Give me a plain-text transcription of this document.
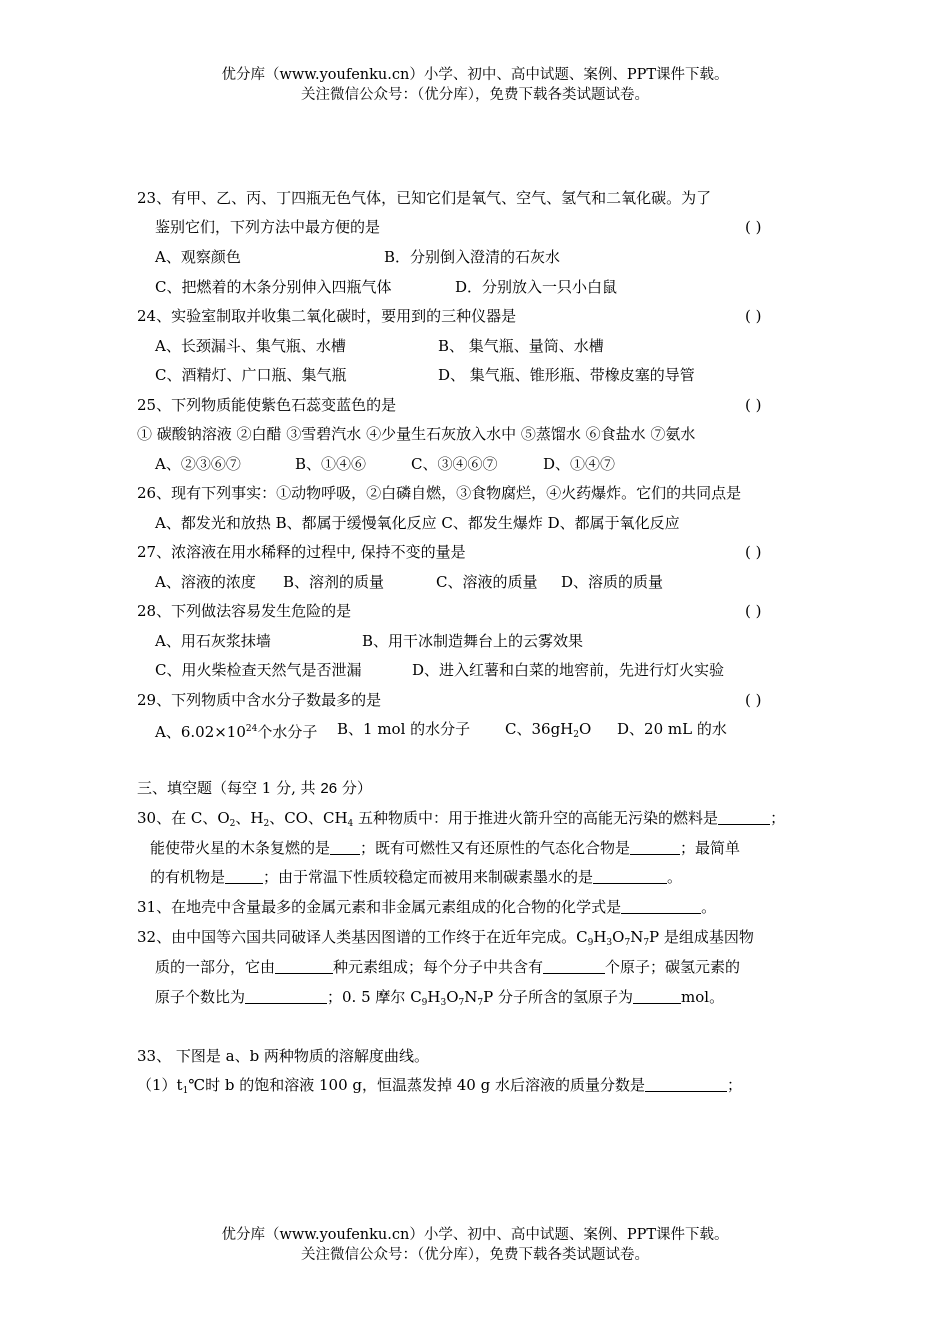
优分库（www.youfenku.cn）小学、初中、高中试题、案例、PPT课件下载。
关注微信公众号：（优分库），免费下载各类试题试卷。
23、有甲、乙、丙、丁四瓶无色气体，已知它们是氧气、空气、氢气和二氧化碳。为了
鉴别它们，下列方法中最方便的是	( )
A、观察颜色	B．分别倒入澄清的石灰水
C、把燃着的木条分别伸入四瓶气体	D．分别放入一只小白鼠
24、实验室制取并收集二氧化碳时，要用到的三种仪器是	( )
A、长颈漏斗、集气瓶、水槽	B、 集气瓶、量筒、水槽
C、酒精灯、广口瓶、集气瓶	D、 集气瓶、锥形瓶、带橡皮塞的导管
25、下列物质能使紫色石蕊变蓝色的是	( )
① 碳酸钠溶液 ②白醋 ③雪碧汽水 ④少量生石灰放入水中 ⑤蒸馏水 ⑥食盐水 ⑦氨水
A、②③⑥⑦	B、①④⑥	C、③④⑥⑦	D、①④⑦
26、现有下列事实：①动物呼吸，②白磷自燃，③食物腐烂，④火药爆炸。它们的共同点是
A、都发光和放热 B、都属于缓慢氧化反应 C、都发生爆炸 D、都属于氧化反应
27、浓溶液在用水稀释的过程中, 保持不变的量是	( )
A、溶液的浓度 B、溶剂的质量	C、溶液的质量 D、溶质的质量
28、下列做法容易发生危险的是	( )
A、用石灰浆抹墙	B、用干冰制造舞台上的云雾效果
C、用火柴检查天然气是否泄漏	D、进入红薯和白菜的地窖前，先进行灯火实验
29、下列物质中含水分子数最多的是	( )
A、$6.02\times 10^{24}$个水分子 B、1 mol 的水分子 C、$36gH_2O$ D、20 mL 的水
三、填空题（每空 1 分, 共 26 分）
30、在 C、$O_2$、$H_2$、CO、$CH_4$ 五种物质中：用于推进火箭升空的高能无污染的燃料是	；
能使带火星的木条复燃的是 ；既有可燃性又有还原性的气态化合物是	；最简单
的有机物是	；由于常温下性质较稳定而被用来制碳素墨水的是	。
31、在地壳中含量最多的金属元素和非金属元素组成的化合物的化学式是	。
32、由中国等六国共同破译人类基因图谱的工作终于在近年完成。$C_9H_3O_7N_7P$ 是组成基因物
质的一部分，它由	种元素组成；每个分子中共含有	个原子；碳氢元素的
原子个数比为	；0. 5 摩尔 $C_9H_3O_7N_7P$ 分子所含的氢原子为	mol。
33、 下图是 a、b 两种物质的溶解度曲线。
$(1)t_1℃$时 b 的饱和溶液 100 g，恒温蒸发掉 40 g 水后溶液的质量分数是	；
优分库（www.youfenku.cn）小学、初中、高中试题、案例、PPT课件下载。
关注微信公众号：（优分库），免费下载各类试题试卷。
